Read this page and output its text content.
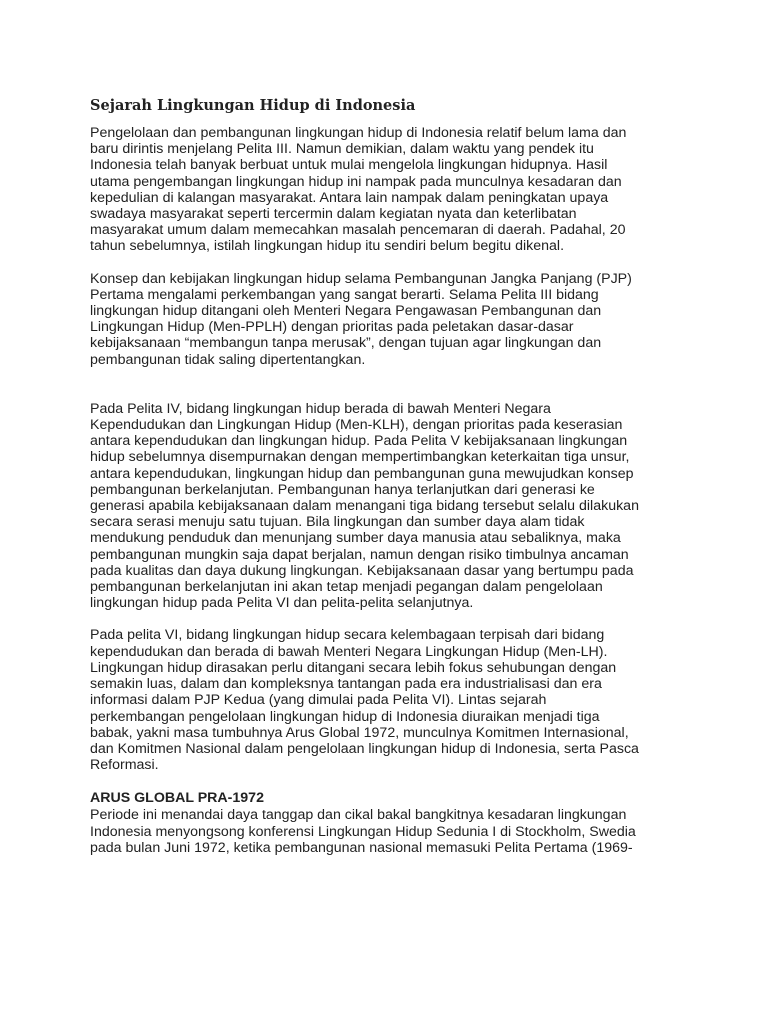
Sejarah Lingkungan Hidup di Indonesia

Pengelolaan dan pembangunan lingkungan hidup di Indonesia relatif belum lama dan
baru dirintis menjelang Pelita III. Namun demikian, dalam waktu yang pendek itu
Indonesia telah banyak berbuat untuk mulai mengelola lingkungan hidupnya. Hasil
utama pengembangan lingkungan hidup ini nampak pada munculnya kesadaran dan
kepedulian di kalangan masyarakat. Antara lain nampak dalam peningkatan upaya
swadaya masyarakat seperti tercermin dalam kegiatan nyata dan keterlibatan
masyarakat umum dalam memecahkan masalah pencemaran di daerah. Padahal, 20
tahun sebelumnya, istilah lingkungan hidup itu sendiri belum begitu dikenal.

Konsep dan kebijakan lingkungan hidup selama Pembangunan Jangka Panjang (PJP)
Pertama mengalami perkembangan yang sangat berarti. Selama Pelita III bidang
lingkungan hidup ditangani oleh Menteri Negara Pengawasan Pembangunan dan
Lingkungan Hidup (Men-PPLH) dengan prioritas pada peletakan dasar-dasar
kebijaksanaan “membangun tanpa merusak”, dengan tujuan agar lingkungan dan
pembangunan tidak saling dipertentangkan.

Pada Pelita IV, bidang lingkungan hidup berada di bawah Menteri Negara
Kependudukan dan Lingkungan Hidup (Men-KLH), dengan prioritas pada keserasian
antara kependudukan dan lingkungan hidup. Pada Pelita V kebijaksanaan lingkungan
hidup sebelumnya disempurnakan dengan mempertimbangkan keterkaitan tiga unsur,
antara kependudukan, lingkungan hidup dan pembangunan guna mewujudkan konsep
pembangunan berkelanjutan. Pembangunan hanya terlanjutkan dari generasi ke
generasi apabila kebijaksanaan dalam menangani tiga bidang tersebut selalu dilakukan
secara serasi menuju satu tujuan. Bila lingkungan dan sumber daya alam tidak
mendukung penduduk dan menunjang sumber daya manusia atau sebaliknya, maka
pembangunan mungkin saja dapat berjalan, namun dengan risiko timbulnya ancaman
pada kualitas dan daya dukung lingkungan. Kebijaksanaan dasar yang bertumpu pada
pembangunan berkelanjutan ini akan tetap menjadi pegangan dalam pengelolaan
lingkungan hidup pada Pelita VI dan pelita-pelita selanjutnya.

Pada pelita VI, bidang lingkungan hidup secara kelembagaan terpisah dari bidang
kependudukan dan berada di bawah Menteri Negara Lingkungan Hidup (Men-LH).
Lingkungan hidup dirasakan perlu ditangani secara lebih fokus sehubungan dengan
semakin luas, dalam dan kompleksnya tantangan pada era industrialisasi dan era
informasi dalam PJP Kedua (yang dimulai pada Pelita VI). Lintas sejarah
perkembangan pengelolaan lingkungan hidup di Indonesia diuraikan menjadi tiga
babak, yakni masa tumbuhnya Arus Global 1972, munculnya Komitmen Internasional,
dan Komitmen Nasional dalam pengelolaan lingkungan hidup di Indonesia, serta Pasca
Reformasi.

ARUS GLOBAL PRA-1972

Periode ini menandai daya tanggap dan cikal bakal bangkitnya kesadaran lingkungan
Indonesia menyongsong konferensi Lingkungan Hidup Sedunia I di Stockholm, Swedia
pada bulan Juni 1972, ketika pembangunan nasional memasuki Pelita Pertama (1969-
